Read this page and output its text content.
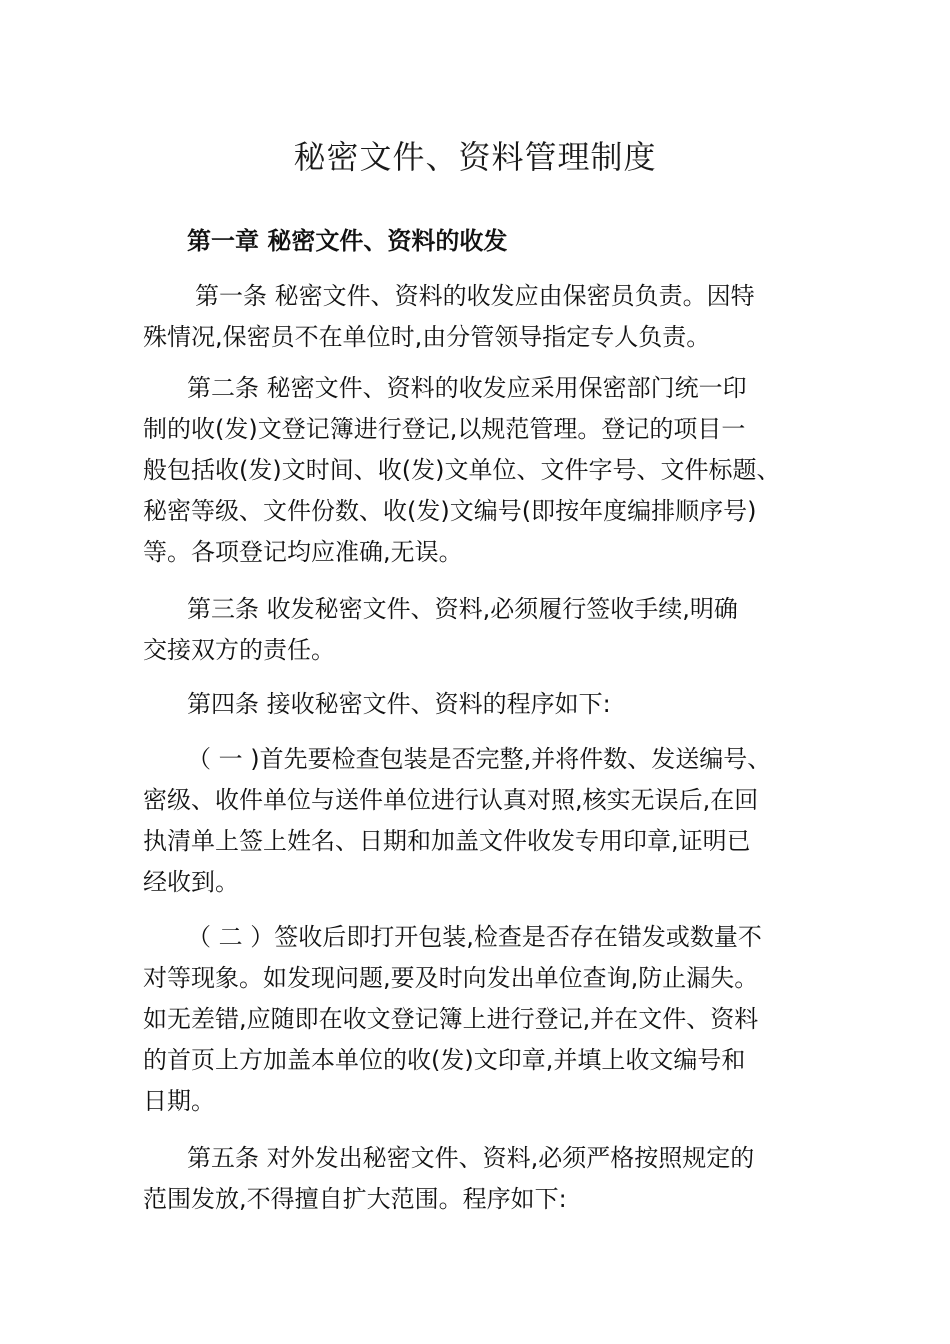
秘密文件、资料管理制度
第一章 秘密文件、资料的收发
第一条 秘密文件、资料的收发应由保密员负责。因特
殊情况,保密员不在单位时,由分管领导指定专人负责。
第二条 秘密文件、资料的收发应采用保密部门统一印
制的收(发)文登记簿进行登记,以规范管理。登记的项目一
般包括收(发)文时间、收(发)文单位、文件字号、文件标题、
秘密等级、文件份数、收(发)文编号(即按年度编排顺序号)
等。各项登记均应准确,无误。
第三条 收发秘密文件、资料,必须履行签收手续,明确
交接双方的责任。
第四条 接收秘密文件、资料的程序如下:
（ 一 )首先要检查包装是否完整,并将件数、发送编号、
密级、收件单位与送件单位进行认真对照,核实无误后,在回
执清单上签上姓名、日期和加盖文件收发专用印章,证明已
经收到。
（ 二 ）签收后即打开包装,检查是否存在错发或数量不
对等现象。如发现问题,要及时向发出单位查询,防止漏失。
如无差错,应随即在收文登记簿上进行登记,并在文件、资料
的首页上方加盖本单位的收(发)文印章,并填上收文编号和
日期。
第五条 对外发出秘密文件、资料,必须严格按照规定的
范围发放,不得擅自扩大范围。程序如下:
